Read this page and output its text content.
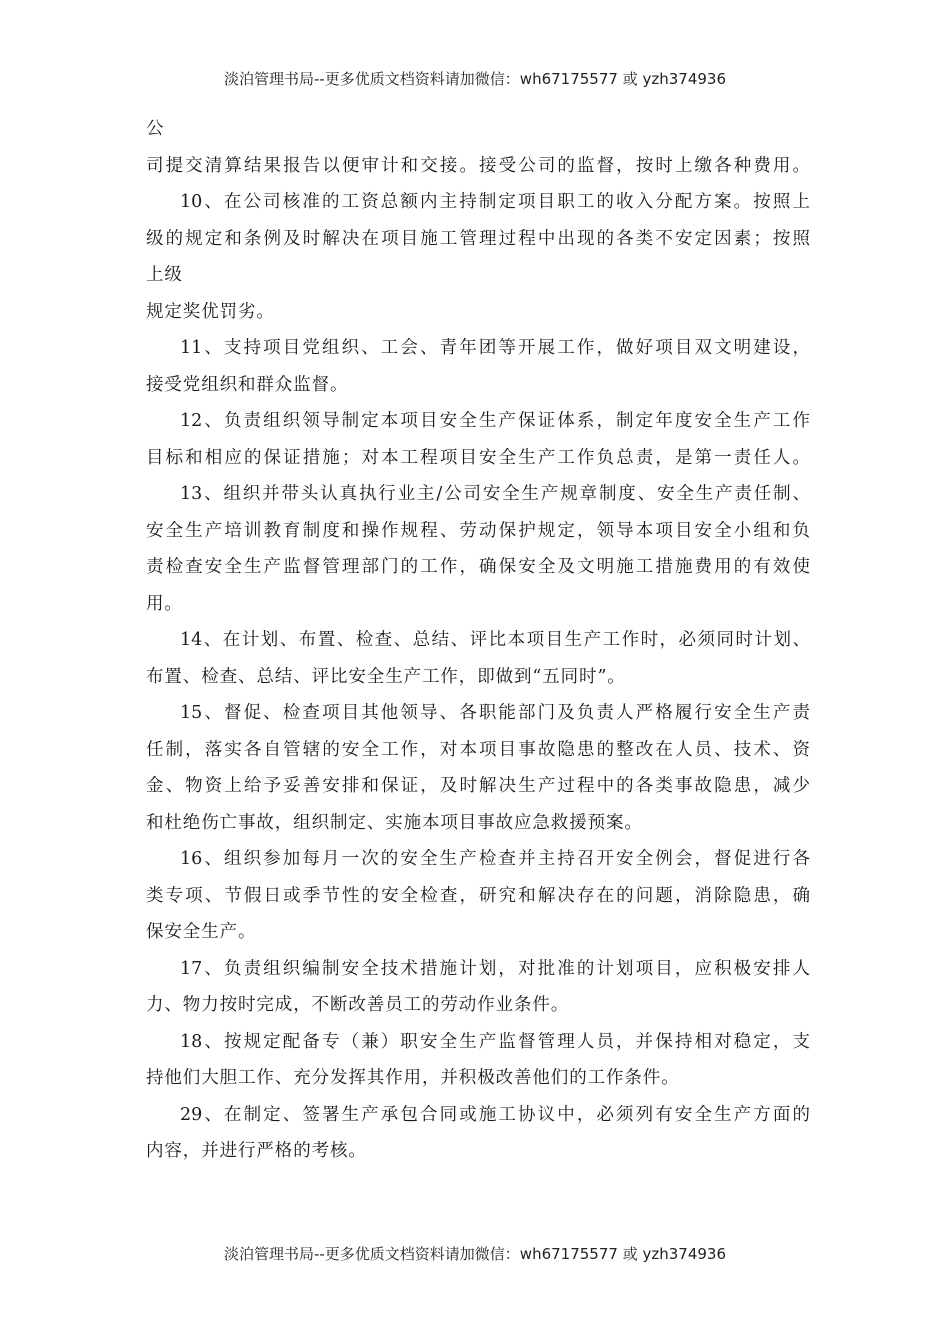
淡泊管理书局--更多优质文档资料请加微信：wh67175577 或 yzh374936
公
司提交清算结果报告以便审计和交接。接受公司的监督，按时上缴各种费用。
10、在公司核准的工资总额内主持制定项目职工的收入分配方案。按照上
级的规定和条例及时解决在项目施工管理过程中出现的各类不安定因素；按照
上级
规定奖优罚劣。
11、支持项目党组织、工会、青年团等开展工作，做好项目双文明建设，
接受党组织和群众监督。
12、负责组织领导制定本项目安全生产保证体系，制定年度安全生产工作
目标和相应的保证措施；对本工程项目安全生产工作负总责，是第一责任人。
13、组织并带头认真执行业主/公司安全生产规章制度、安全生产责任制、
安全生产培训教育制度和操作规程、劳动保护规定，领导本项目安全小组和负
责检查安全生产监督管理部门的工作，确保安全及文明施工措施费用的有效使
用。
14、在计划、布置、检查、总结、评比本项目生产工作时，必须同时计划、
布置、检查、总结、评比安全生产工作，即做到“五同时”。
15、督促、检查项目其他领导、各职能部门及负责人严格履行安全生产责
任制，落实各自管辖的安全工作，对本项目事故隐患的整改在人员、技术、资
金、物资上给予妥善安排和保证，及时解决生产过程中的各类事故隐患，减少
和杜绝伤亡事故，组织制定、实施本项目事故应急救援预案。
16、组织参加每月一次的安全生产检查并主持召开安全例会，督促进行各
类专项、节假日或季节性的安全检查，研究和解决存在的问题，消除隐患，确
保安全生产。
17、负责组织编制安全技术措施计划，对批准的计划项目，应积极安排人
力、物力按时完成，不断改善员工的劳动作业条件。
18、按规定配备专（兼）职安全生产监督管理人员，并保持相对稳定，支
持他们大胆工作、充分发挥其作用，并积极改善他们的工作条件。
29、在制定、签署生产承包合同或施工协议中，必须列有安全生产方面的
内容，并进行严格的考核。
淡泊管理书局--更多优质文档资料请加微信：wh67175577 或 yzh374936
